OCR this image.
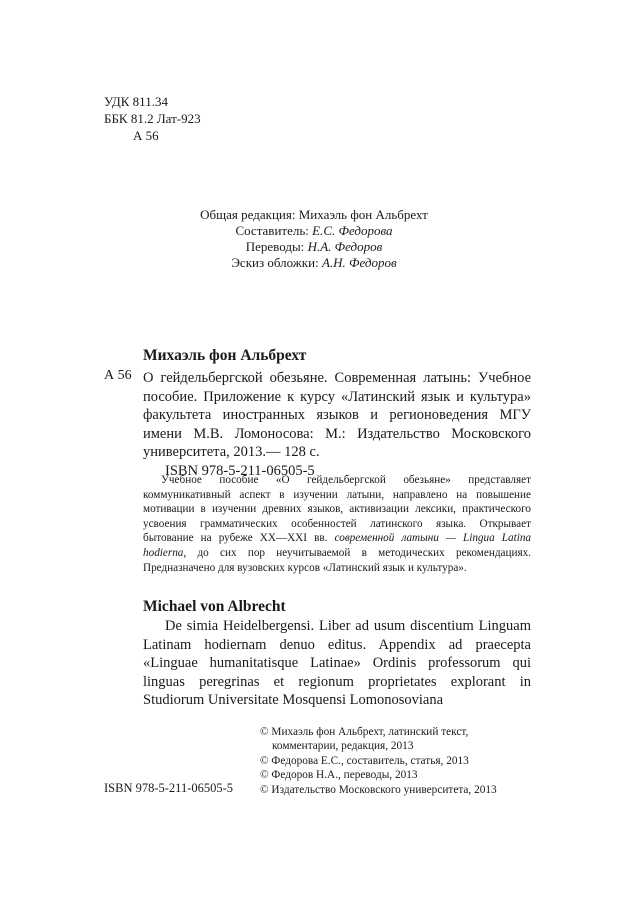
УДК 811.34
ББК 81.2 Лат-923
А 56
Общая редакция: Михаэль фон Альбрехт
Составитель: Е.С. Федорова
Переводы: Н.А. Федоров
Эскиз обложки: А.Н. Федоров
Михаэль фон Альбрехт
А 56 О гейдельбергской обезьяне. Современная латынь: Учебное пособие. Приложение к курсу «Латинский язык и культура» факультета иностранных языков и регионоведения МГУ имени М.В. Ломоносова: М.: Издательство Московского университета, 2013.— 128 с.
ISBN 978-5-211-06505-5
Учебное пособие «О гейдельбергской обезьяне» представляет коммуникативный аспект в изучении латыни, направлено на повышение мотивации в изучении древних языков, активизации лексики, практического усвоения грамматических особенностей латинского языка. Открывает бытование на рубеже XX—XXI вв. современной латыни — Lingua Latina hodierna, до сих пор неучитываемой в методических рекомендациях. Предназначено для вузовских курсов «Латинский язык и культура».
Michael von Albrecht
De simia Heidelbergensi. Liber ad usum discentium Linguam Latinam hodiernam denuo editus. Appendix ad praecepta «Linguae humanitatisque Latinae» Ordinis professorum qui linguas peregrinas et regionum proprietates explorant in Studiorum Universitate Mosquensi Lomonosoviana
© Михаэль фон Альбрехт, латинский текст,
комментарии, редакция, 2013
© Федорова Е.С., составитель, статья, 2013
© Федоров Н.А., переводы, 2013
© Издательство Московского университета, 2013
ISBN 978-5-211-06505-5
